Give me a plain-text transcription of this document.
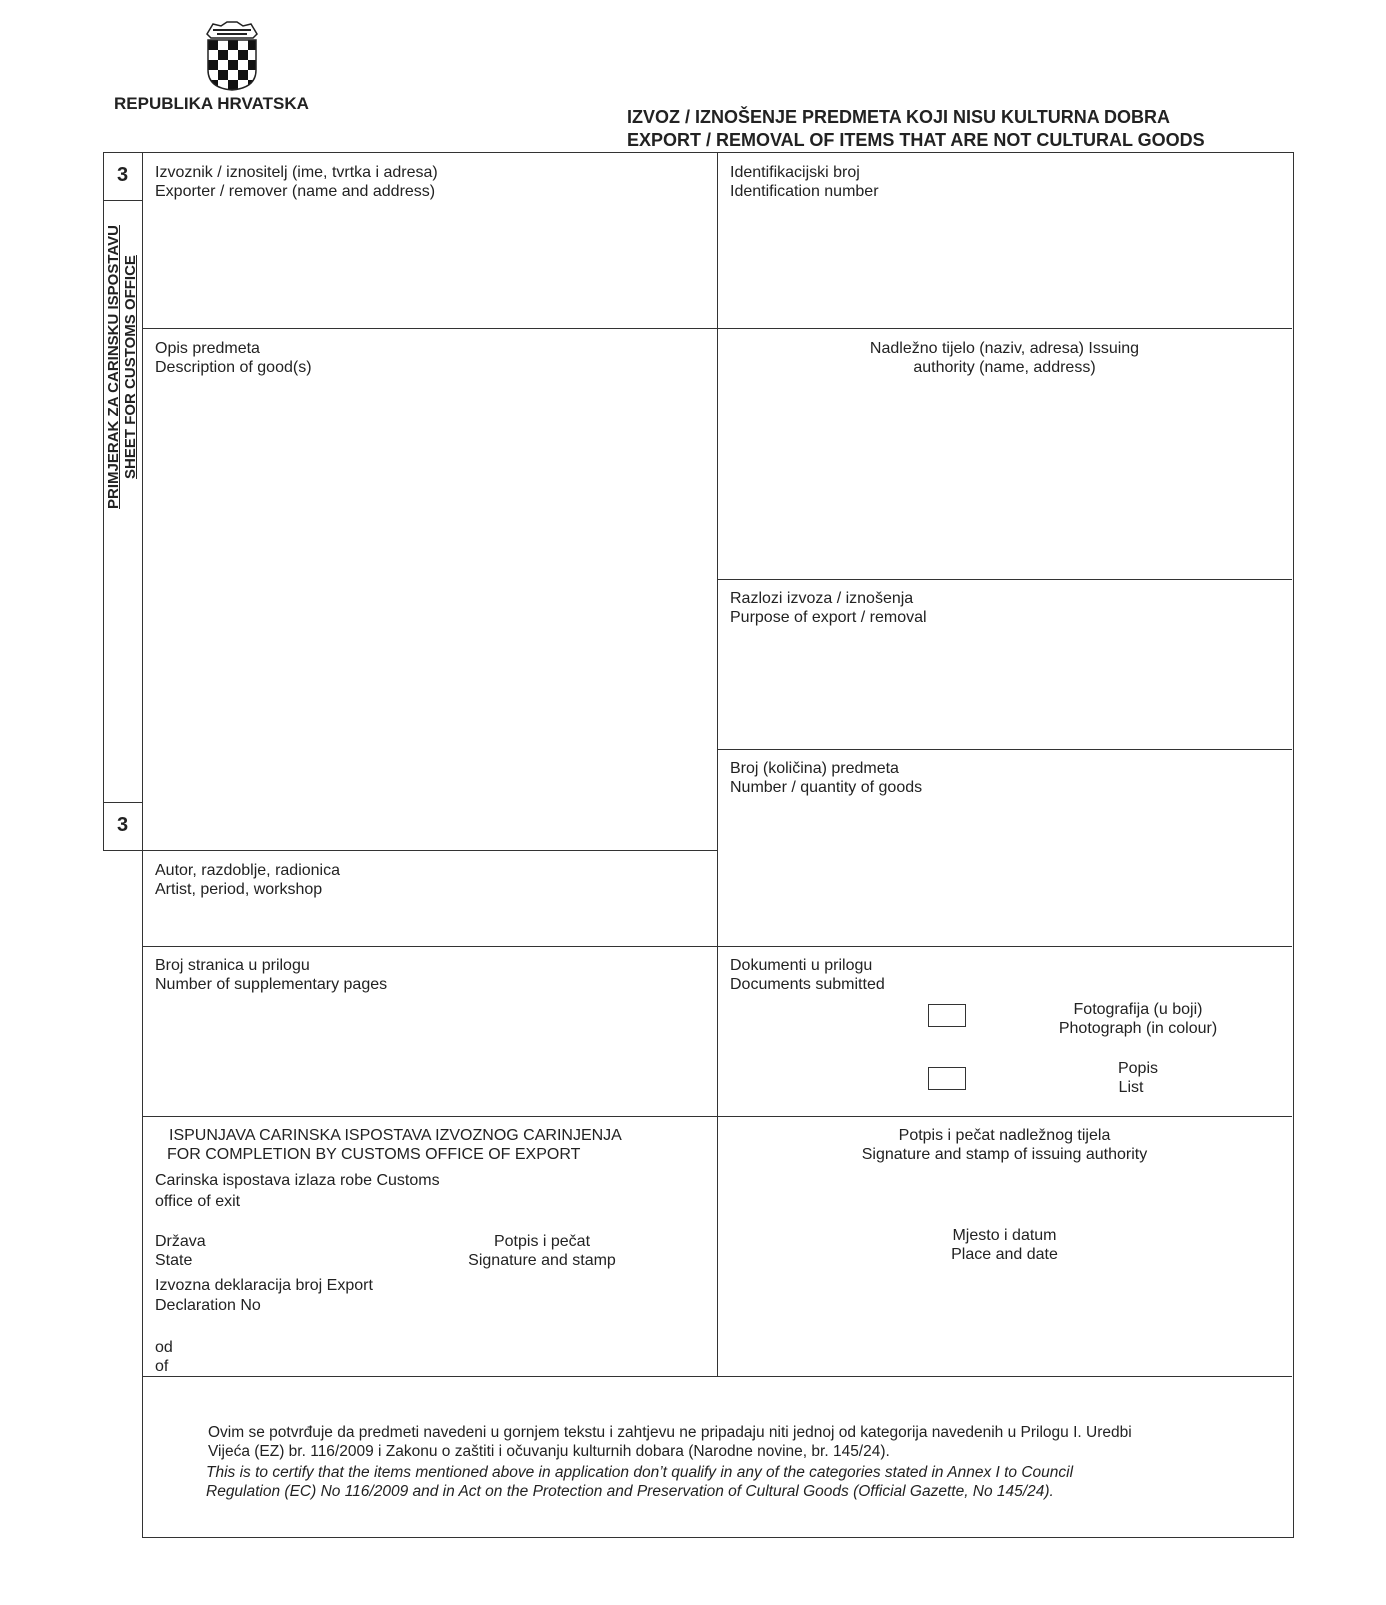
REPUBLIKA HRVATSKA
IZVOZ / IZNOŠENJE PREDMETA KOJI NISU KULTURNA DOBRA
EXPORT / REMOVAL OF ITEMS THAT ARE NOT CULTURAL GOODS
3
3
PRIMJERAK ZA CARINSKU ISPOSTAVU SHEET FOR CUSTOMS OFFICE
Izvoznik / iznositelj (ime, tvrtka i adresa)
Exporter / remover (name and address)
Identifikacijski broj
Identification number
Opis predmeta
Description of good(s)
Nadležno tijelo (naziv, adresa) Issuing
authority (name, address)
Razlozi izvoza / iznošenja
Purpose of export / removal
Broj (količina) predmeta
Number / quantity of goods
Autor, razdoblje, radionica
Artist, period, workshop
Broj stranica u prilogu
Number of supplementary pages
Dokumenti u prilogu
Documents submitted
Fotografija (u boji)
Photograph (in colour)
Popis
List
ISPUNJAVA CARINSKA ISPOSTAVA IZVOZNOG CARINJENJA
FOR COMPLETION BY CUSTOMS OFFICE OF EXPORT
Carinska ispostava izlaza robe Customs
office of exit
Država
State
Potpis i pečat
Signature and stamp
Izvozna deklaracija broj Export
Declaration No
od
of
Potpis i pečat nadležnog tijela
Signature and stamp of issuing authority
Mjesto i datum
Place and date
Ovim se potvrđuje da predmeti navedeni u gornjem tekstu i zahtjevu ne pripadaju niti jednoj od kategorija navedenih u Prilogu I. Uredbi
Vijeća (EZ) br. 116/2009 i Zakonu o zaštiti i očuvanju kulturnih dobara (Narodne novine, br. 145/24).
This is to certify that the items mentioned above in application don’t qualify in any of the categories stated in Annex I to Council
Regulation (EC) No 116/2009 and in Act on the Protection and Preservation of Cultural Goods (Official Gazette, No 145/24).
